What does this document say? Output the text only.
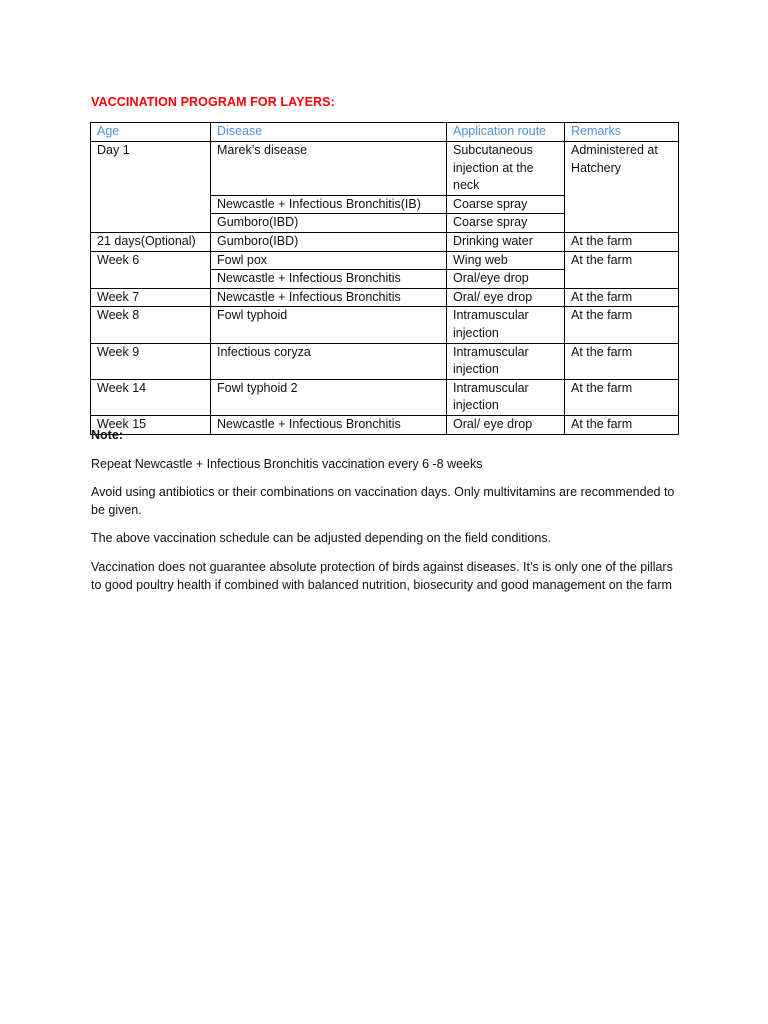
VACCINATION PROGRAM FOR LAYERS:
Age	Disease	Application route	Remarks
Day 1	Marek’s disease	Subcutaneous injection at the neck	Administered at Hatchery
	Newcastle + Infectious Bronchitis(IB)	Coarse spray	
	Gumboro(IBD)	Coarse spray	
21 days(Optional)	Gumboro(IBD)	Drinking water	At the farm
Week 6	Fowl pox	Wing web	At the farm
	Newcastle + Infectious Bronchitis	Oral/eye drop	
Week 7	Newcastle + Infectious Bronchitis	Oral/ eye drop	At the farm
Week 8	Fowl typhoid	Intramuscular injection	At the farm
Week 9	Infectious coryza	Intramuscular injection	At the farm
Week 14	Fowl typhoid 2	Intramuscular injection	At the farm
Week 15	Newcastle + Infectious Bronchitis	Oral/ eye drop	At the farm
Note:

Repeat Newcastle + Infectious Bronchitis vaccination every 6 -8 weeks

Avoid using antibiotics or their combinations on vaccination days. Only multivitamins are recommended to be given.

The above vaccination schedule can be adjusted depending on the field conditions.

Vaccination does not guarantee absolute protection of birds against diseases. It’s is only one of the pillars to good poultry health if combined with balanced nutrition, biosecurity and good management on the farm
